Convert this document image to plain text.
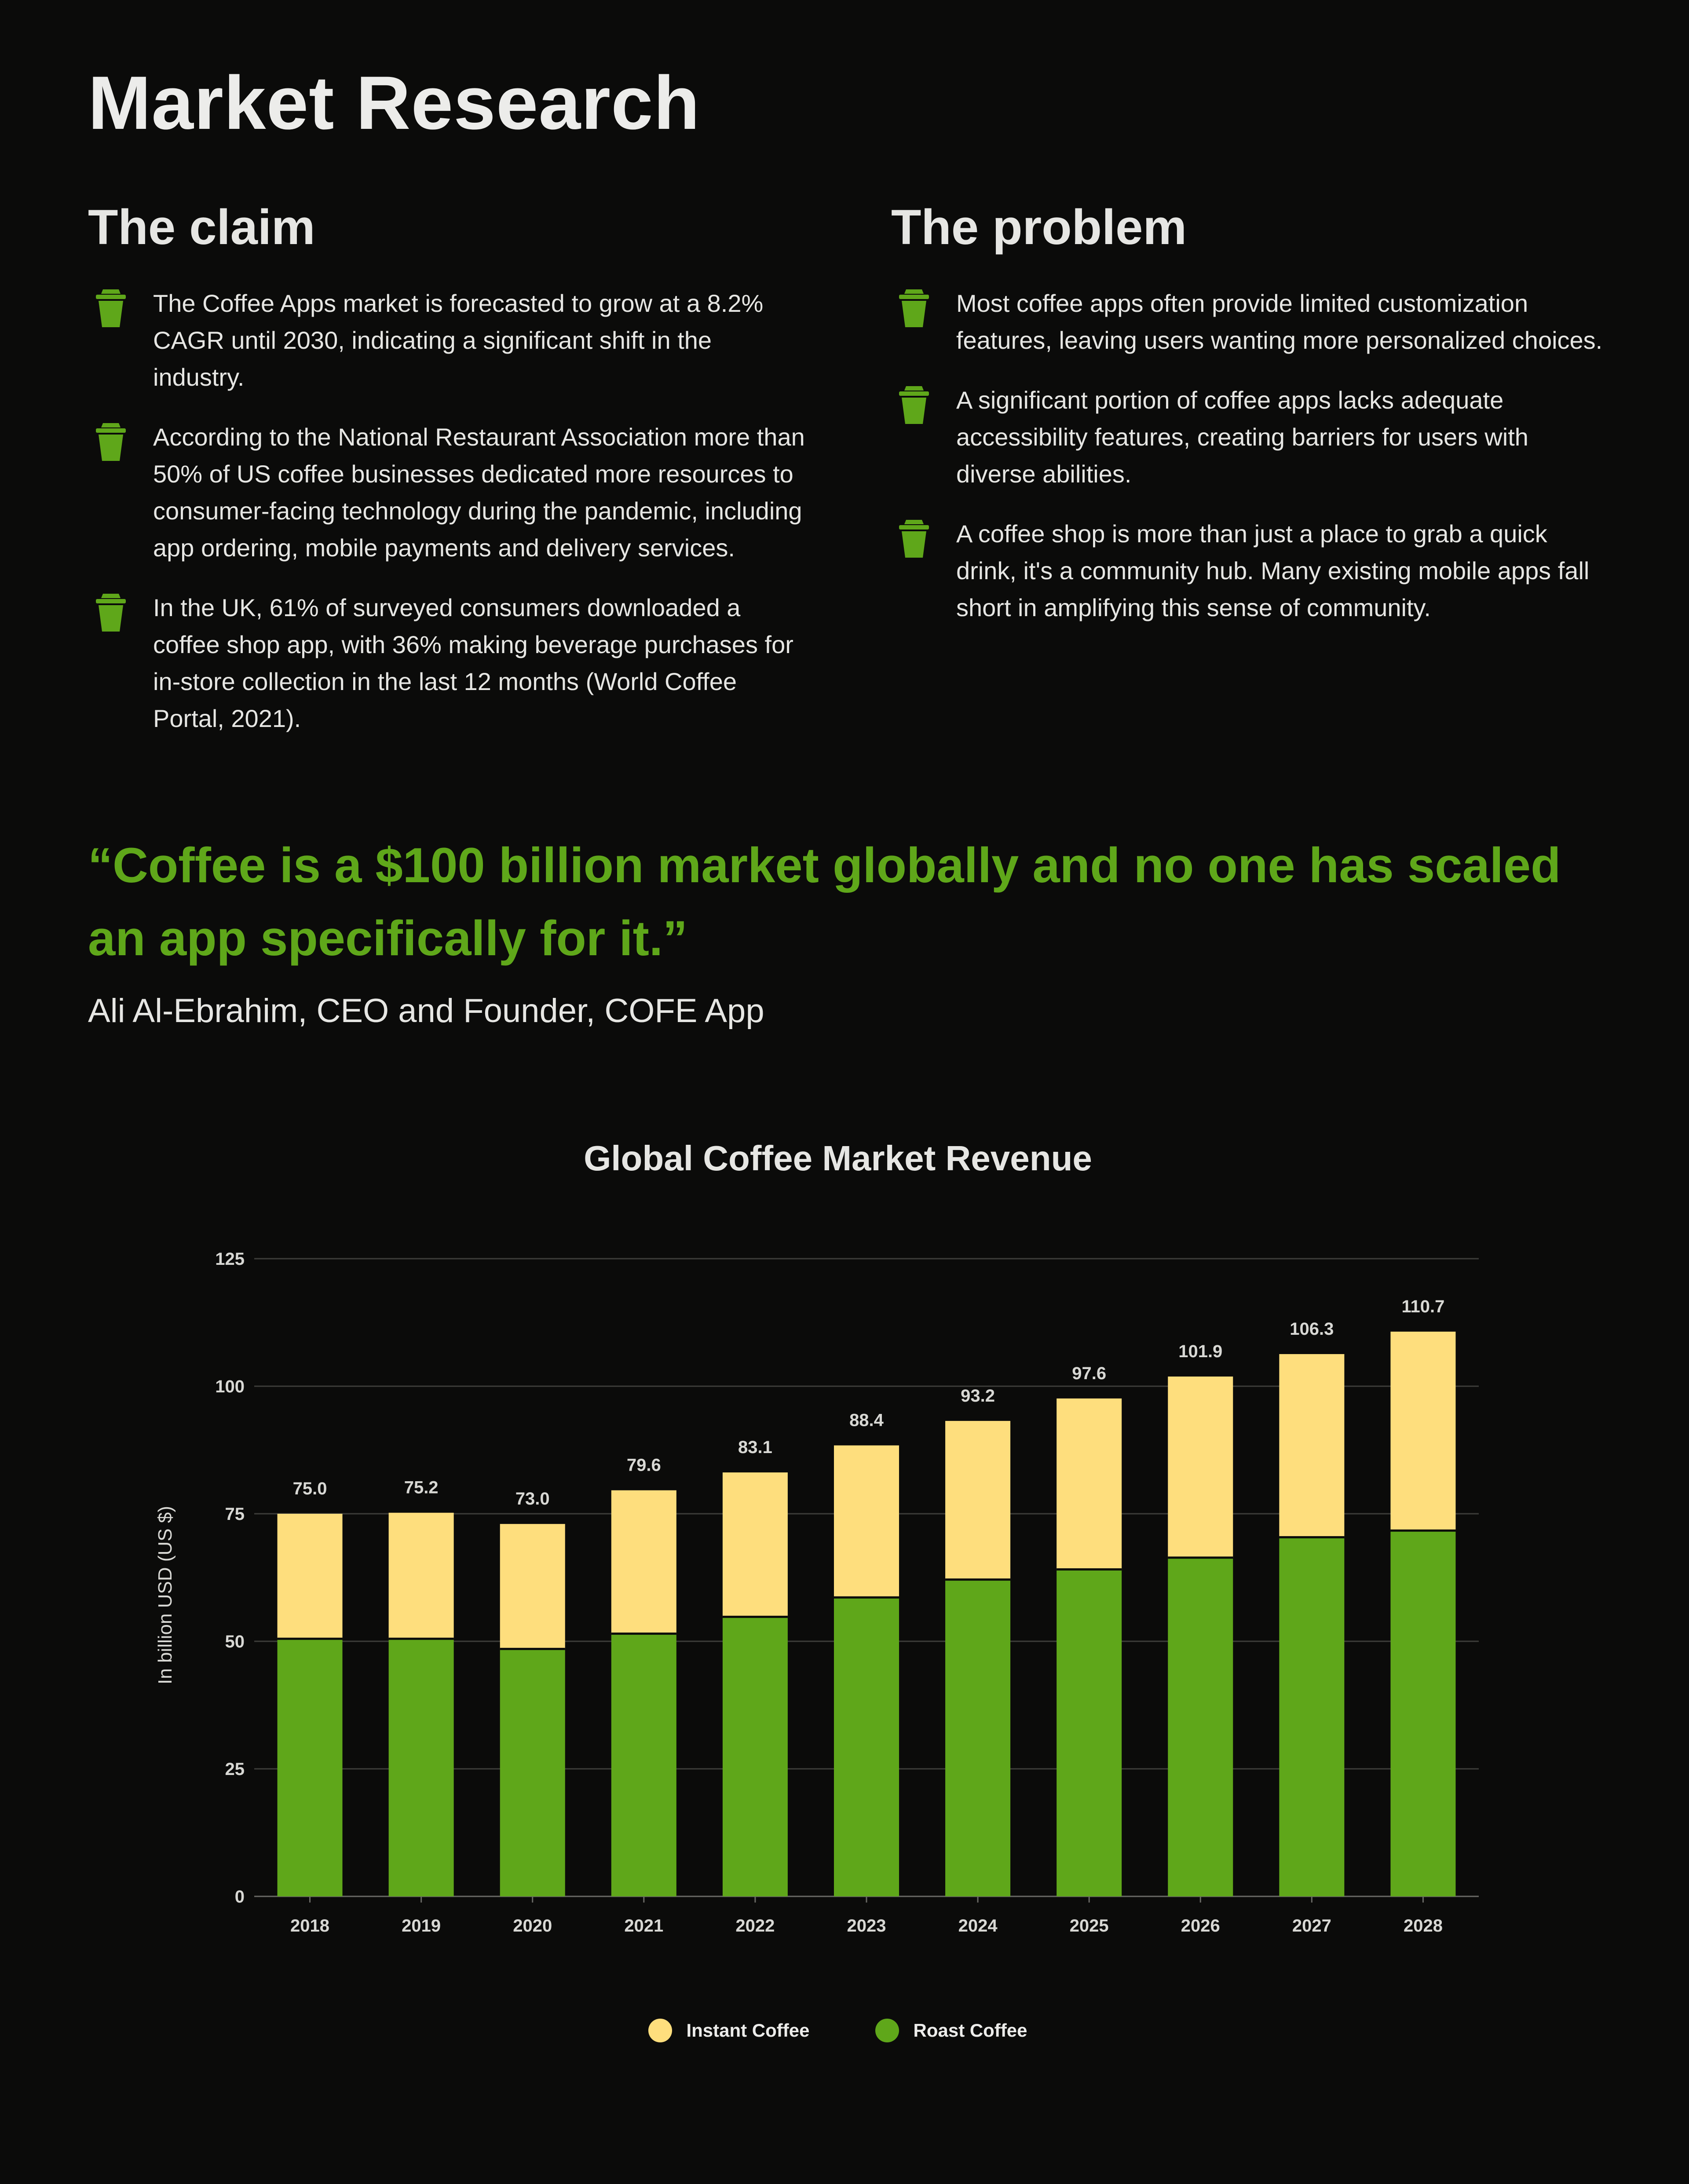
Market Research
The claim

The Coffee Apps market is forecasted to grow at a 8.2% CAGR until 2030, indicating a significant shift in the industry.

According to the National Restaurant Association more than 50% of US coffee businesses dedicated more resources to consumer-facing technology during the pandemic, including app ordering, mobile payments and delivery services.

In the UK, 61% of surveyed consumers downloaded a coffee shop app, with 36% making beverage purchases for in-store collection in the last 12 months (World Coffee Portal, 2021).

The problem

Most coffee apps often provide limited customization features, leaving users wanting more personalized choices.

A significant portion of coffee apps lacks adequate accessibility features, creating barriers for users with diverse abilities.

A coffee shop is more than just a place to grab a quick drink, it's a community hub. Many existing mobile apps fall short in amplifying this sense of community.

“Coffee is a $100 billion market globally and no one has scaled an app specifically for it.”
Ali Al-Ebrahim, CEO and Founder, COFE App
Global Coffee Market Revenue
0
25
50
75
100
125
In billion USD (US $)
75.0
2018
75.2
2019
73.0
2020
79.6
2021
83.1
2022
88.4
2023
93.2
2024
97.6
2025
101.9
2026
106.3
2027
110.7
2028
Instant Coffee	Roast Coffee
